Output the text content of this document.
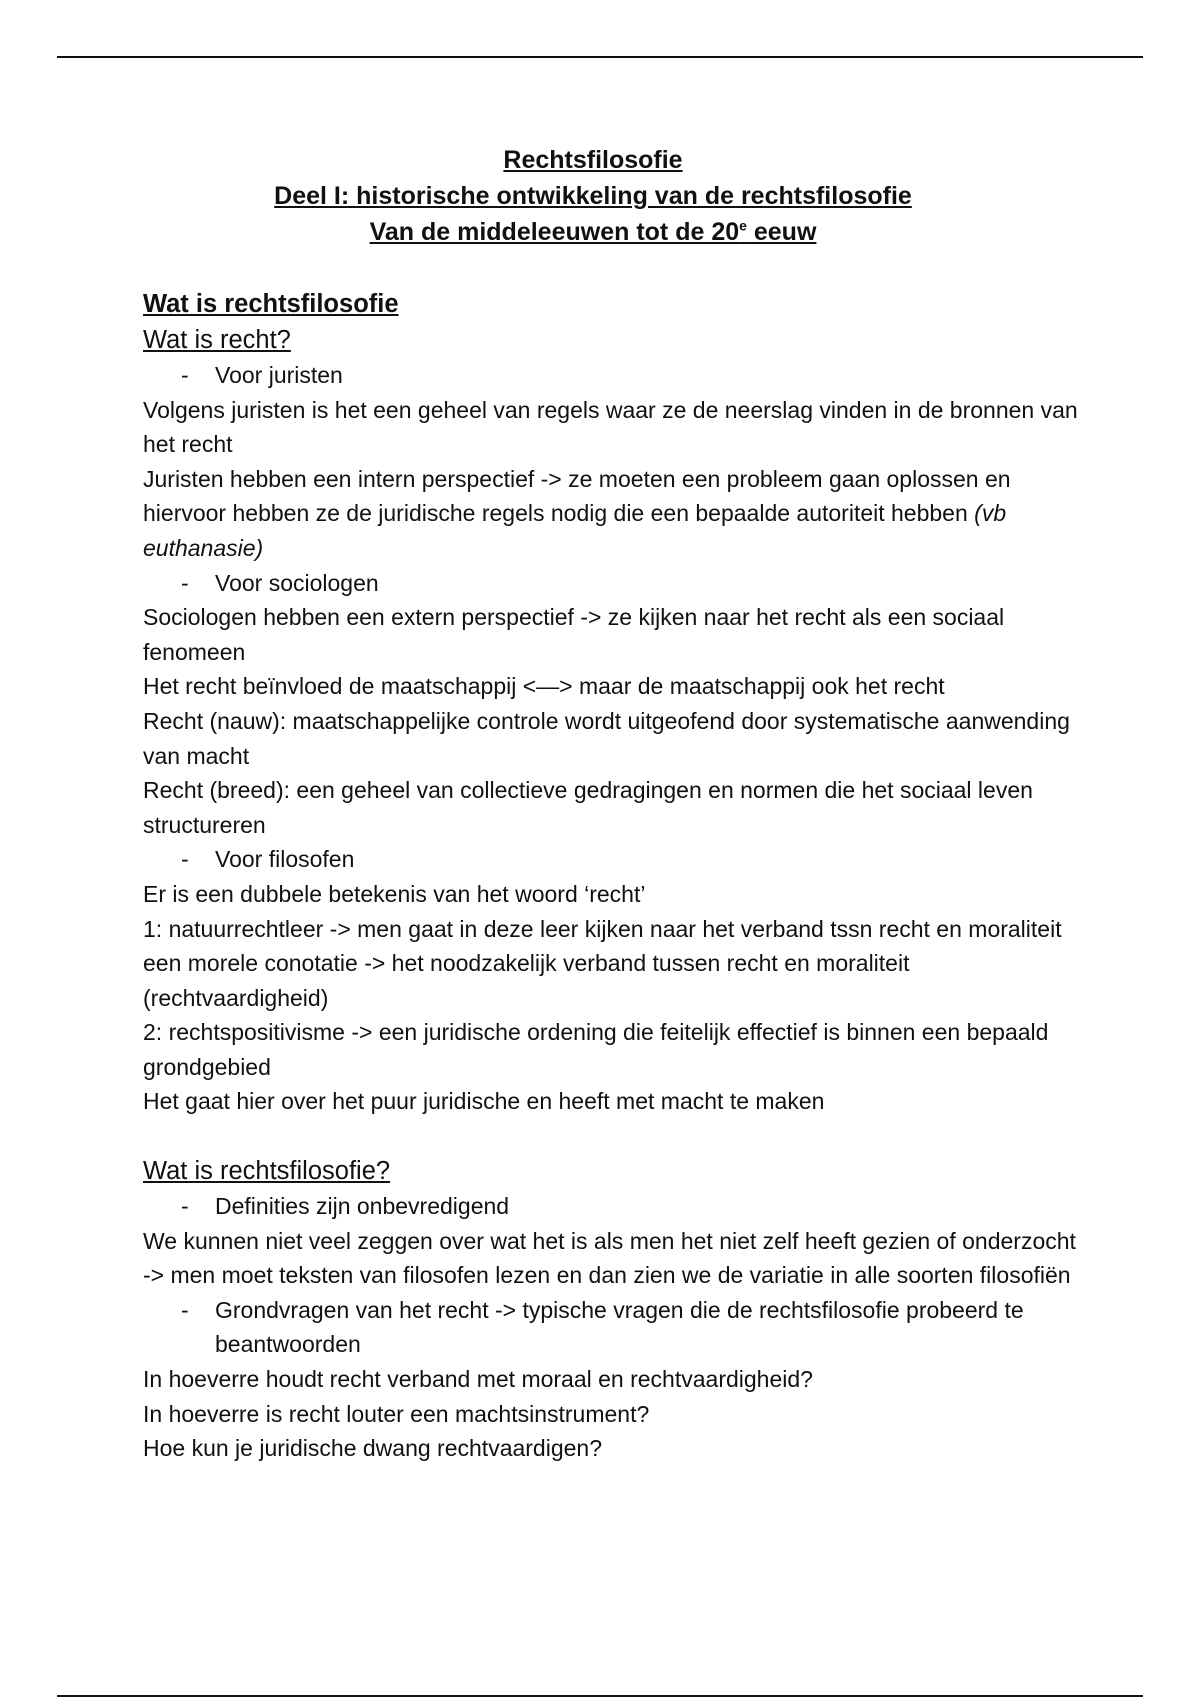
Rechtsfilosofie
Deel I: historische ontwikkeling van de rechtsfilosofie
Van de middeleeuwen tot de 20e eeuw
Wat is rechtsfilosofie
Wat is recht?
- Voor juristen

Volgens juristen is het een geheel van regels waar ze de neerslag vinden in de bronnen van het recht

Juristen hebben een intern perspectief -> ze moeten een probleem gaan oplossen en hiervoor hebben ze de juridische regels nodig die een bepaalde autoriteit hebben (vb euthanasie)

- Voor sociologen

Sociologen hebben een extern perspectief -> ze kijken naar het recht als een sociaal fenomeen

Het recht beïnvloed de maatschappij <—> maar de maatschappij ook het recht

Recht (nauw): maatschappelijke controle wordt uitgeofend door systematische aanwending van macht

Recht (breed): een geheel van collectieve gedragingen en normen die het sociaal leven structureren

- Voor filosofen

Er is een dubbele betekenis van het woord ‘recht’

1: natuurrechtleer -> men gaat in deze leer kijken naar het verband tssn recht en moraliteit

een morele conotatie -> het noodzakelijk verband tussen recht en moraliteit (rechtvaardigheid)

2: rechtspositivisme -> een juridische ordening die feitelijk effectief is binnen een bepaald grondgebied

Het gaat hier over het puur juridische en heeft met macht te maken

Wat is rechtsfilosofie?
- Definities zijn onbevredigend

We kunnen niet veel zeggen over wat het is als men het niet zelf heeft gezien of onderzocht -> men moet teksten van filosofen lezen en dan zien we de variatie in alle soorten filosofiën

- Grondvragen van het recht -> typische vragen die de rechtsfilosofie probeerd te beantwoorden

In hoeverre houdt recht verband met moraal en rechtvaardigheid?

In hoeverre is recht louter een machtsinstrument?

Hoe kun je juridische dwang rechtvaardigen?
